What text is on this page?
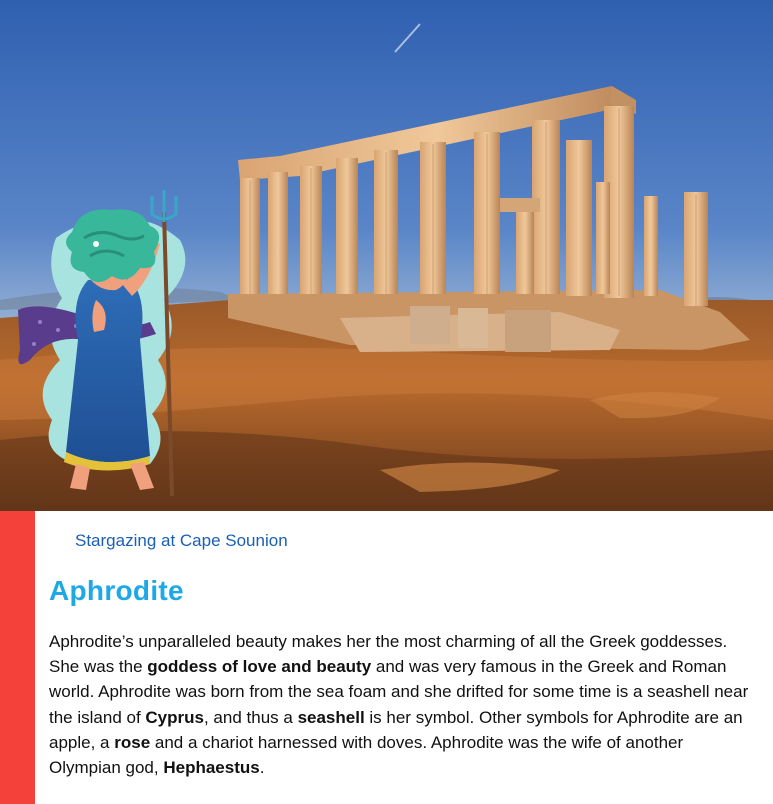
Stargazing at Cape Sounion
Aphrodite

Aphrodite’s unparalleled beauty makes her the most charming of all the Greek goddesses. She was the goddess of love and beauty and was very famous in the Greek and Roman world. Aphrodite was born from the sea foam and she drifted for some time is a seashell near the island of Cyprus, and thus a seashell is her symbol. Other symbols for Aphrodite are an apple, a rose and a chariot harnessed with doves. Aphrodite was the wife of another Olympian god, Hephaestus.
